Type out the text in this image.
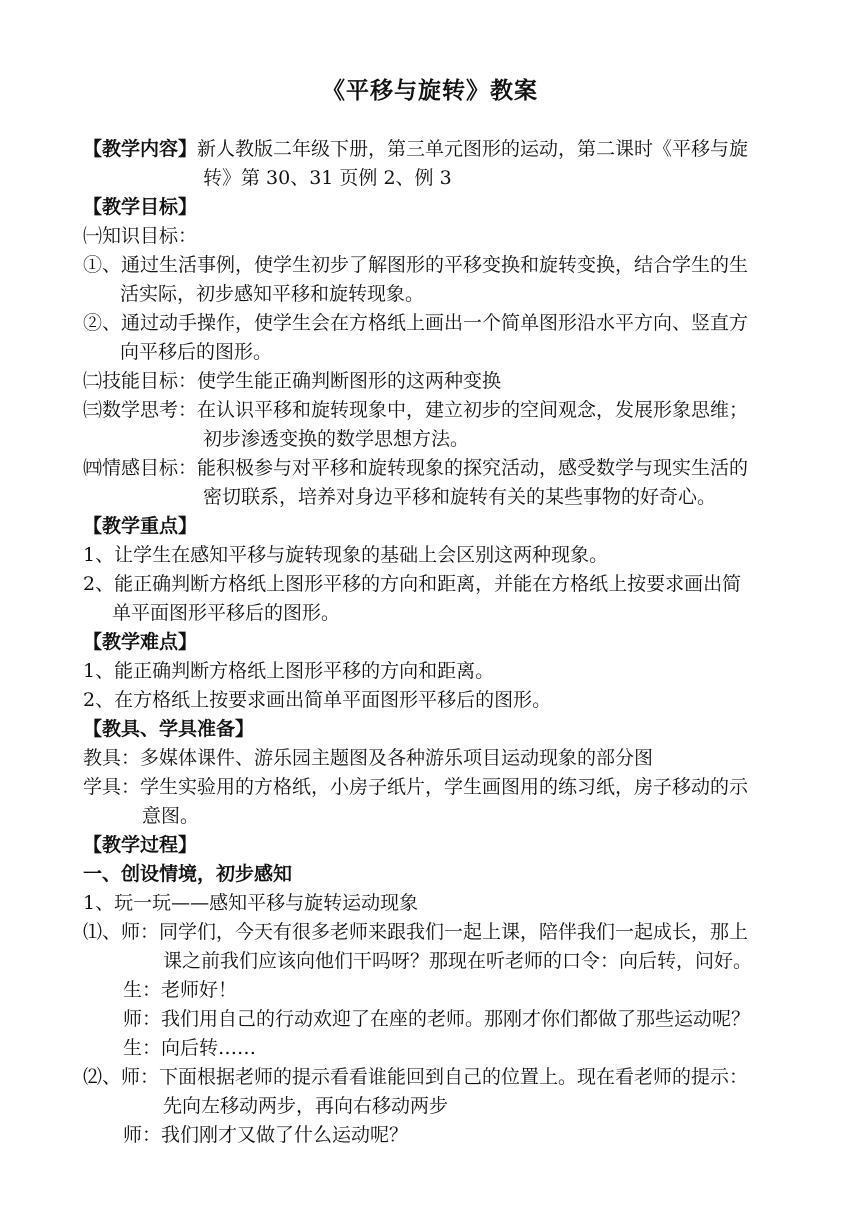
《平移与旋转》教案
【教学内容】新人教版二年级下册，第三单元图形的运动，第二课时《平移与旋
转》第 30、31 页例 2、例 3
【教学目标】
㈠知识目标：
①、通过生活事例，使学生初步了解图形的平移变换和旋转变换，结合学生的生
活实际，初步感知平移和旋转现象。
②、通过动手操作，使学生会在方格纸上画出一个简单图形沿水平方向、竖直方
向平移后的图形。
㈡技能目标：使学生能正确判断图形的这两种变换
㈢数学思考：在认识平移和旋转现象中，建立初步的空间观念，发展形象思维；
初步渗透变换的数学思想方法。
㈣情感目标：能积极参与对平移和旋转现象的探究活动，感受数学与现实生活的
密切联系，培养对身边平移和旋转有关的某些事物的好奇心。
【教学重点】
1、让学生在感知平移与旋转现象的基础上会区别这两种现象。
2、能正确判断方格纸上图形平移的方向和距离，并能在方格纸上按要求画出简
单平面图形平移后的图形。
【教学难点】
1、能正确判断方格纸上图形平移的方向和距离。
2、在方格纸上按要求画出简单平面图形平移后的图形。
【教具、学具准备】
教具：多媒体课件、游乐园主题图及各种游乐项目运动现象的部分图
学具：学生实验用的方格纸，小房子纸片，学生画图用的练习纸，房子移动的示
意图。
【教学过程】
一、创设情境，初步感知
1、玩一玩——感知平移与旋转运动现象
⑴、师：同学们，今天有很多老师来跟我们一起上课，陪伴我们一起成长，那上
课之前我们应该向他们干吗呀？那现在听老师的口令：向后转，问好。
生：老师好！
师：我们用自己的行动欢迎了在座的老师。那刚才你们都做了那些运动呢？
生：向后转……
⑵、师：下面根据老师的提示看看谁能回到自己的位置上。现在看老师的提示：
先向左移动两步，再向右移动两步
师：我们刚才又做了什么运动呢？
